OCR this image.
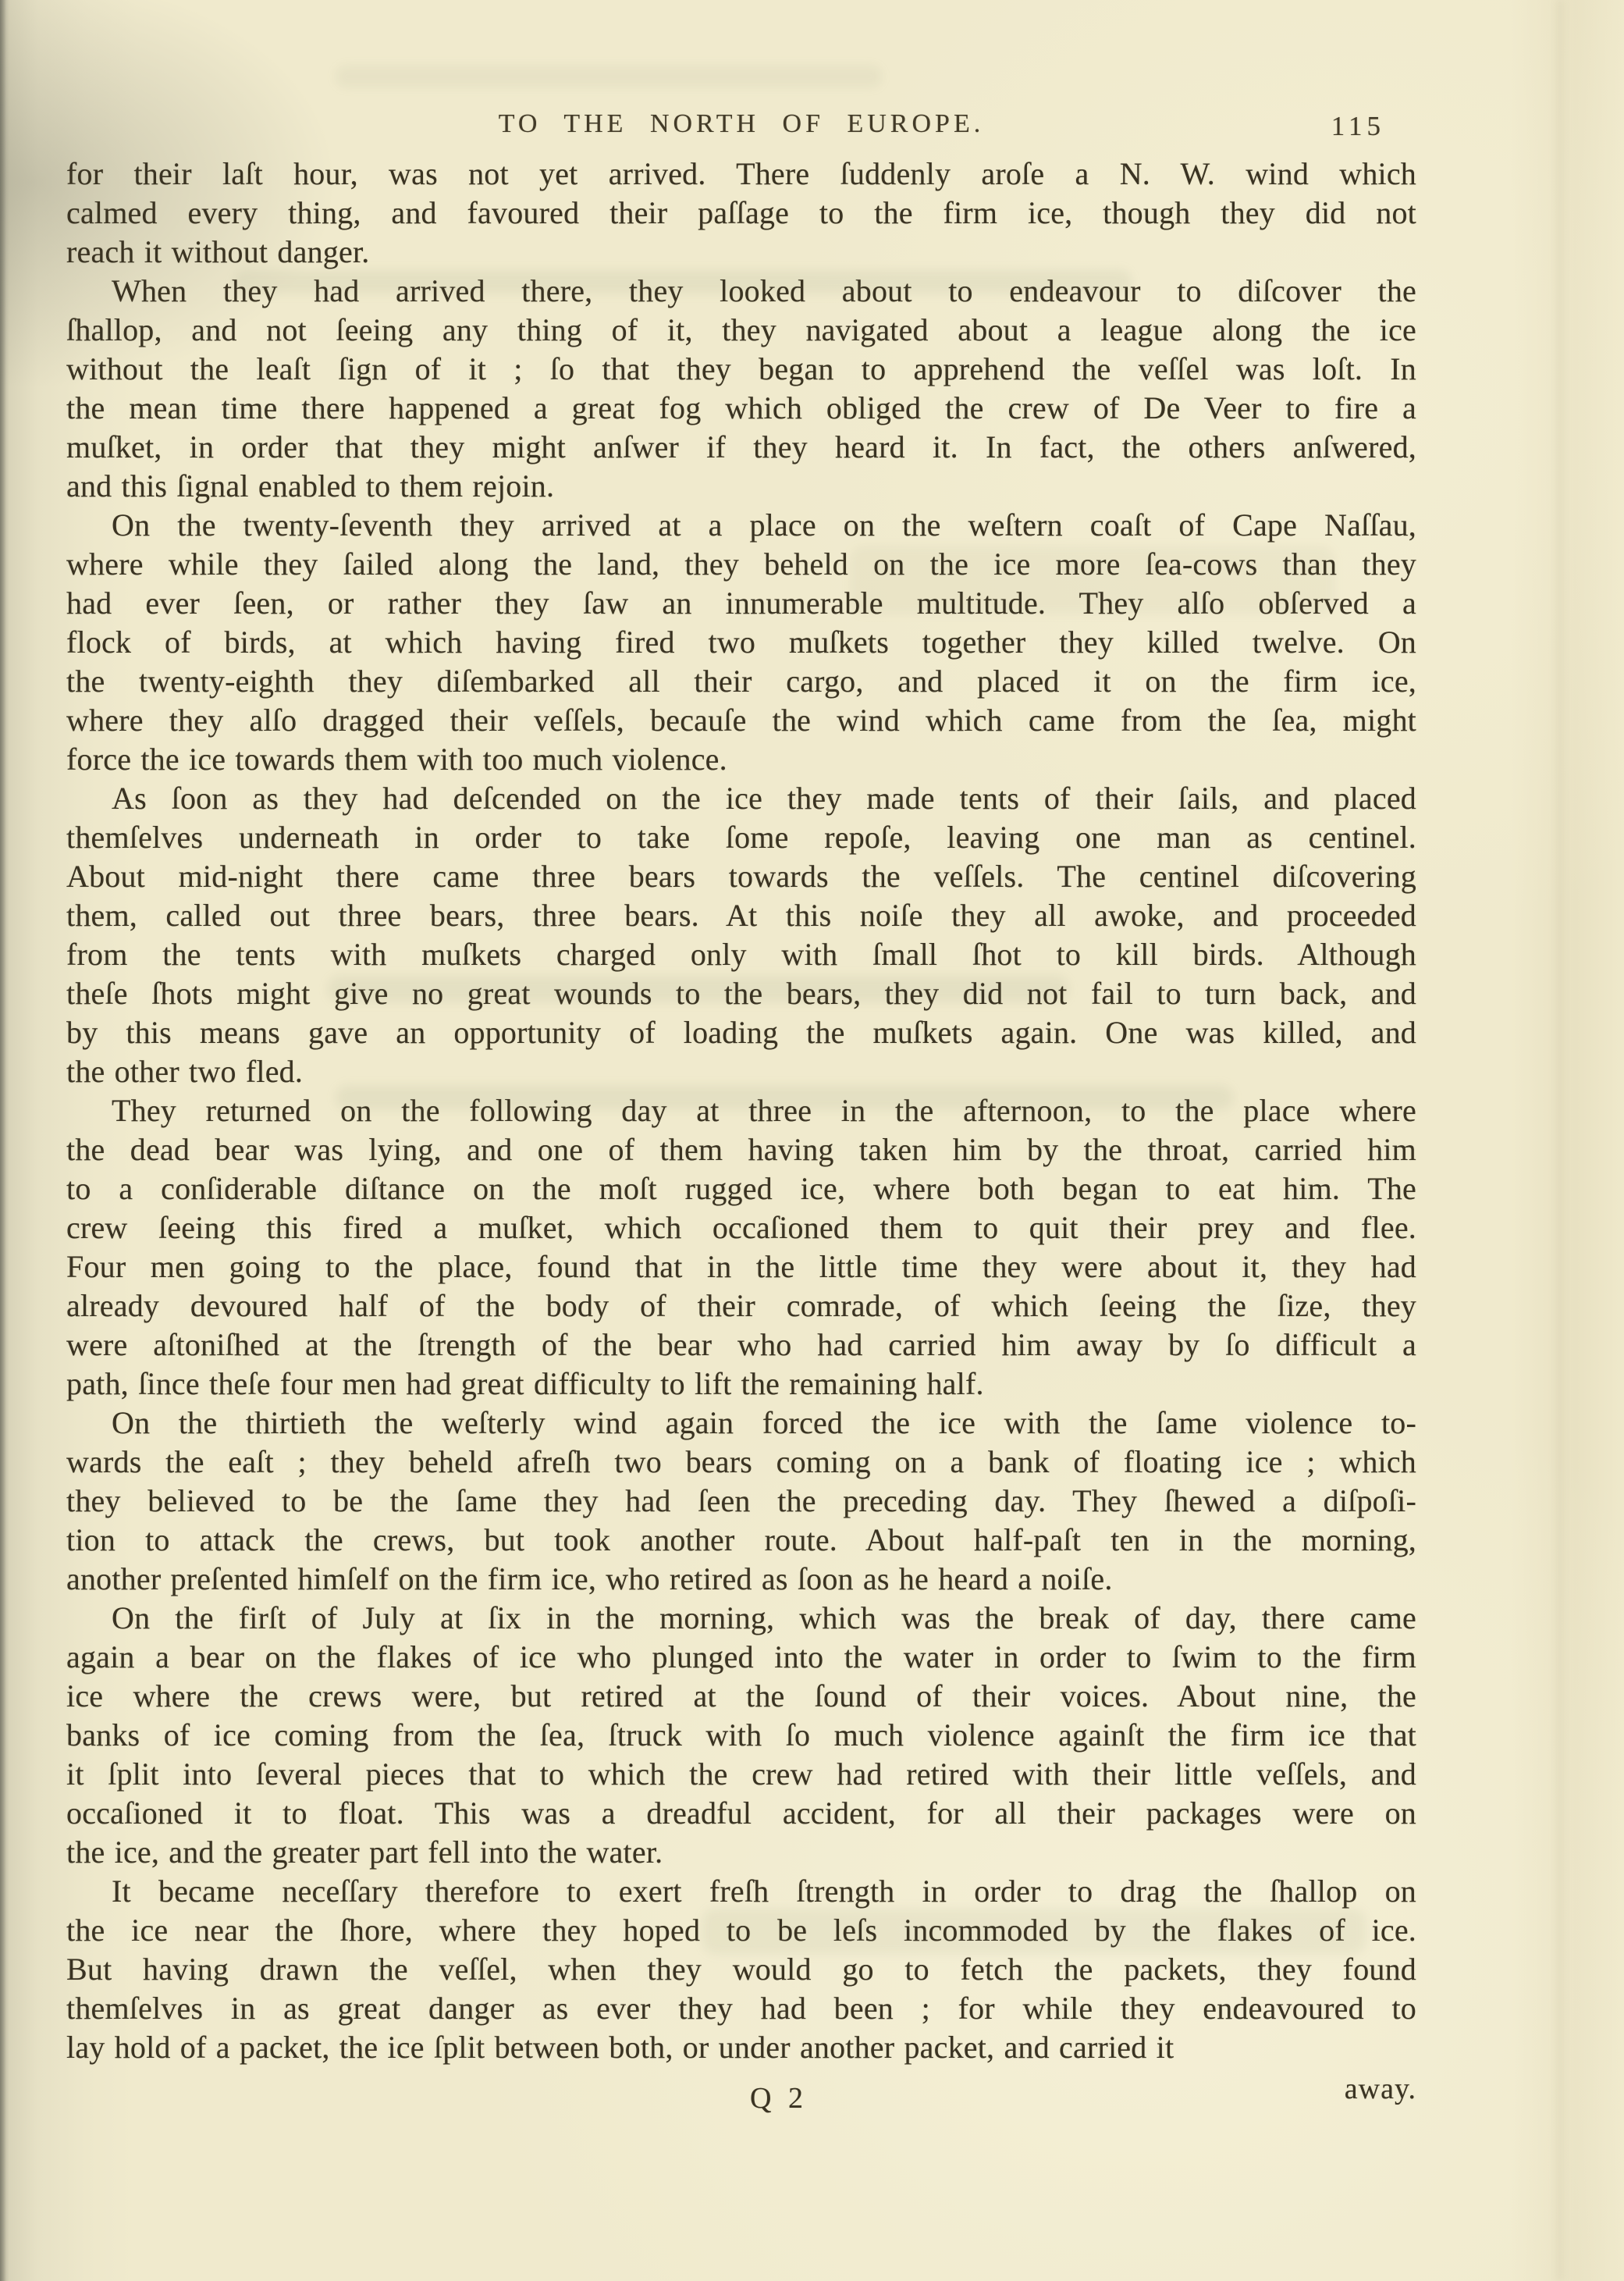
TO THE NORTH OF EUROPE.	115
for their laſt hour, was not yet arrived. There ſuddenly aroſe a N. W. wind which
calmed every thing, and favoured their paſſage to the firm ice, though they did not
reach it without danger.
When they had arrived there, they looked about to endeavour to diſcover the
ſhallop, and not ſeeing any thing of it, they navigated about a league along the ice
without the leaſt ſign of it ; ſo that they began to apprehend the veſſel was loſt. In
the mean time there happened a great fog which obliged the crew of De Veer to fire a
muſket, in order that they might anſwer if they heard it. In fact, the others anſwered,
and this ſignal enabled to them rejoin.
On the twenty-ſeventh they arrived at a place on the weſtern coaſt of Cape Naſſau,
where while they ſailed along the land, they beheld on the ice more ſea-cows than they
had ever ſeen, or rather they ſaw an innumerable multitude. They alſo obſerved a
flock of birds, at which having fired two muſkets together they killed twelve. On
the twenty-eighth they diſembarked all their cargo, and placed it on the firm ice,
where they alſo dragged their veſſels, becauſe the wind which came from the ſea, might
force the ice towards them with too much violence.
As ſoon as they had deſcended on the ice they made tents of their ſails, and placed
themſelves underneath in order to take ſome repoſe, leaving one man as centinel.
About mid-night there came three bears towards the veſſels. The centinel diſcovering
them, called out three bears, three bears. At this noiſe they all awoke, and proceeded
from the tents with muſkets charged only with ſmall ſhot to kill birds. Although
theſe ſhots might give no great wounds to the bears, they did not fail to turn back, and
by this means gave an opportunity of loading the muſkets again. One was killed, and
the other two fled.
They returned on the following day at three in the afternoon, to the place where
the dead bear was lying, and one of them having taken him by the throat, carried him
to a conſiderable diſtance on the moſt rugged ice, where both began to eat him. The
crew ſeeing this fired a muſket, which occaſioned them to quit their prey and flee.
Four men going to the place, found that in the little time they were about it, they had
already devoured half of the body of their comrade, of which ſeeing the ſize, they
were aſtoniſhed at the ſtrength of the bear who had carried him away by ſo difficult a
path, ſince theſe four men had great difficulty to lift the remaining half.
On the thirtieth the weſterly wind again forced the ice with the ſame violence to-
wards the eaſt ; they beheld afreſh two bears coming on a bank of floating ice ; which
they believed to be the ſame they had ſeen the preceding day. They ſhewed a diſpoſi-
tion to attack the crews, but took another route. About half-paſt ten in the morning,
another preſented himſelf on the firm ice, who retired as ſoon as he heard a noiſe.
On the firſt of July at ſix in the morning, which was the break of day, there came
again a bear on the flakes of ice who plunged into the water in order to ſwim to the firm
ice where the crews were, but retired at the ſound of their voices. About nine, the
banks of ice coming from the ſea, ſtruck with ſo much violence againſt the firm ice that
it ſplit into ſeveral pieces that to which the crew had retired with their little veſſels, and
occaſioned it to float. This was a dreadful accident, for all their packages were on
the ice, and the greater part fell into the water.
It became neceſſary therefore to exert freſh ſtrength in order to drag the ſhallop on
the ice near the ſhore, where they hoped to be leſs incommoded by the flakes of ice.
But having drawn the veſſel, when they would go to fetch the packets, they found
themſelves in as great danger as ever they had been ; for while they endeavoured to
lay hold of a packet, the ice ſplit between both, or under another packet, and carried it
Q 2	away.
